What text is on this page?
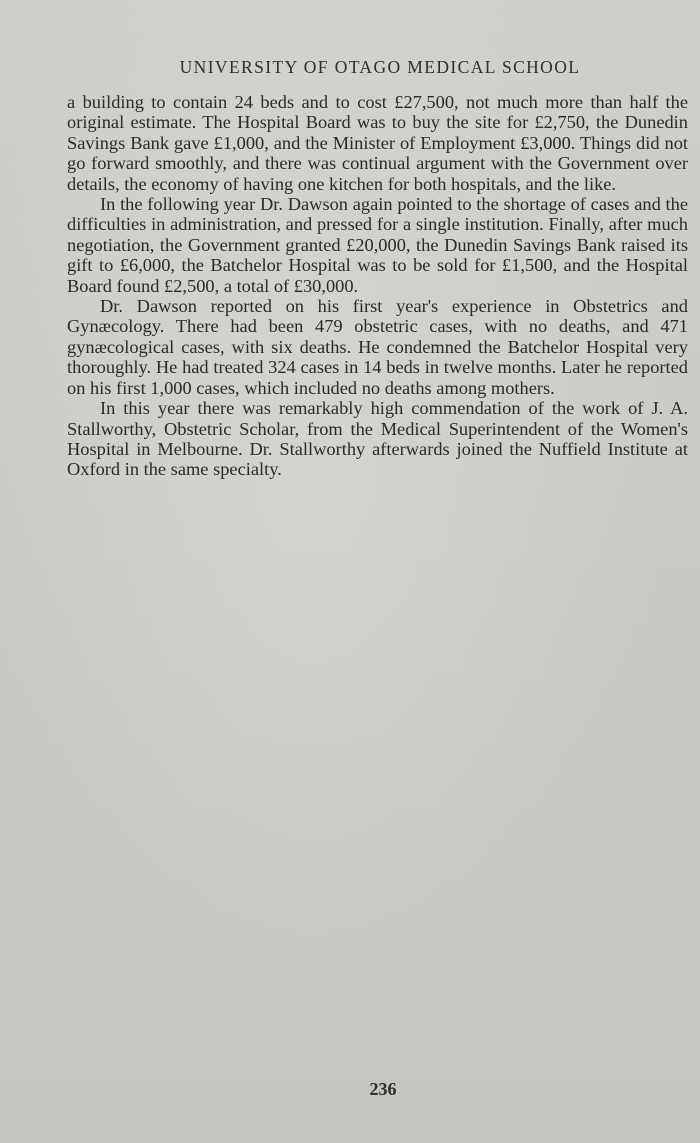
UNIVERSITY OF OTAGO MEDICAL SCHOOL

a building to contain 24 beds and to cost £27,500, not much more than half the original estimate. The Hospital Board was to buy the site for £2,750, the Dunedin Savings Bank gave £1,000, and the Minister of Employment £3,000. Things did not go forward smoothly, and there was continual argument with the Government over details, the economy of having one kitchen for both hospitals, and the like.

In the following year Dr. Dawson again pointed to the shortage of cases and the difficulties in administration, and pressed for a single institution. Finally, after much negotiation, the Government granted £20,000, the Dunedin Savings Bank raised its gift to £6,000, the Batchelor Hospital was to be sold for £1,500, and the Hospital Board found £2,500, a total of £30,000.

Dr. Dawson reported on his first year's experience in Obstetrics and Gynæcology. There had been 479 obstetric cases, with no deaths, and 471 gynæcological cases, with six deaths. He condemned the Batchelor Hospital very thoroughly. He had treated 324 cases in 14 beds in twelve months. Later he reported on his first 1,000 cases, which included no deaths among mothers.

In this year there was remarkably high commendation of the work of J. A. Stallworthy, Obstetric Scholar, from the Medical Superintendent of the Women's Hospital in Melbourne. Dr. Stallworthy afterwards joined the Nuffield Institute at Oxford in the same specialty.

236
